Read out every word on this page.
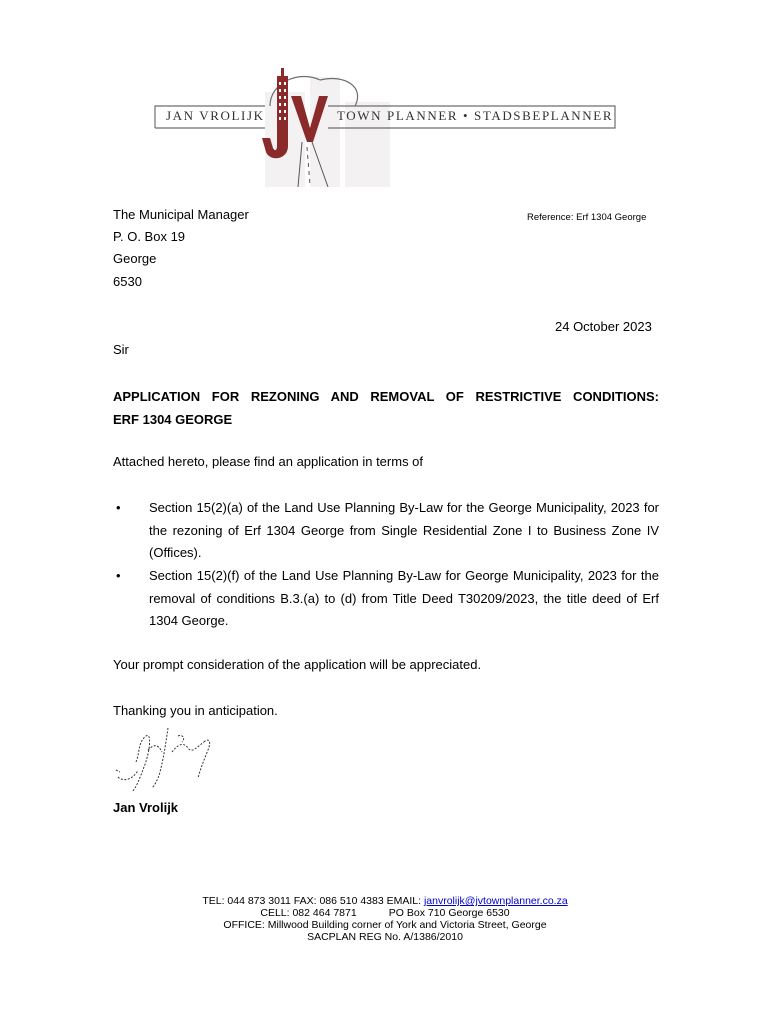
JAN VROLIJK	TOWN PLANNER • STADSBEPLANNER
The Municipal Manager
P. O. Box 19
George
6530
Reference: Erf 1304 George
24 October 2023
Sir
APPLICATION FOR REZONING AND REMOVAL OF RESTRICTIVE CONDITIONS:
ERF 1304 GEORGE
Attached hereto, please find an application in terms of
• Section 15(2)(a) of the Land Use Planning By-Law for the George Municipality, 2023 for the rezoning of Erf 1304 George from Single Residential Zone I to Business Zone IV (Offices).
• Section 15(2)(f) of the Land Use Planning By-Law for George Municipality, 2023 for the removal of conditions B.3.(a) to (d) from Title Deed T30209/2023, the title deed of Erf 1304 George.
Your prompt consideration of the application will be appreciated.
Thanking you in anticipation.
Jan Vrolijk
TEL: 044 873 3011 FAX: 086 510 4383 EMAIL: janvrolijk@jvtownplanner.co.za
CELL: 082 464 7871           PO Box 710 George 6530
OFFICE: Millwood Building corner of York and Victoria Street, George
SACPLAN REG No. A/1386/2010
